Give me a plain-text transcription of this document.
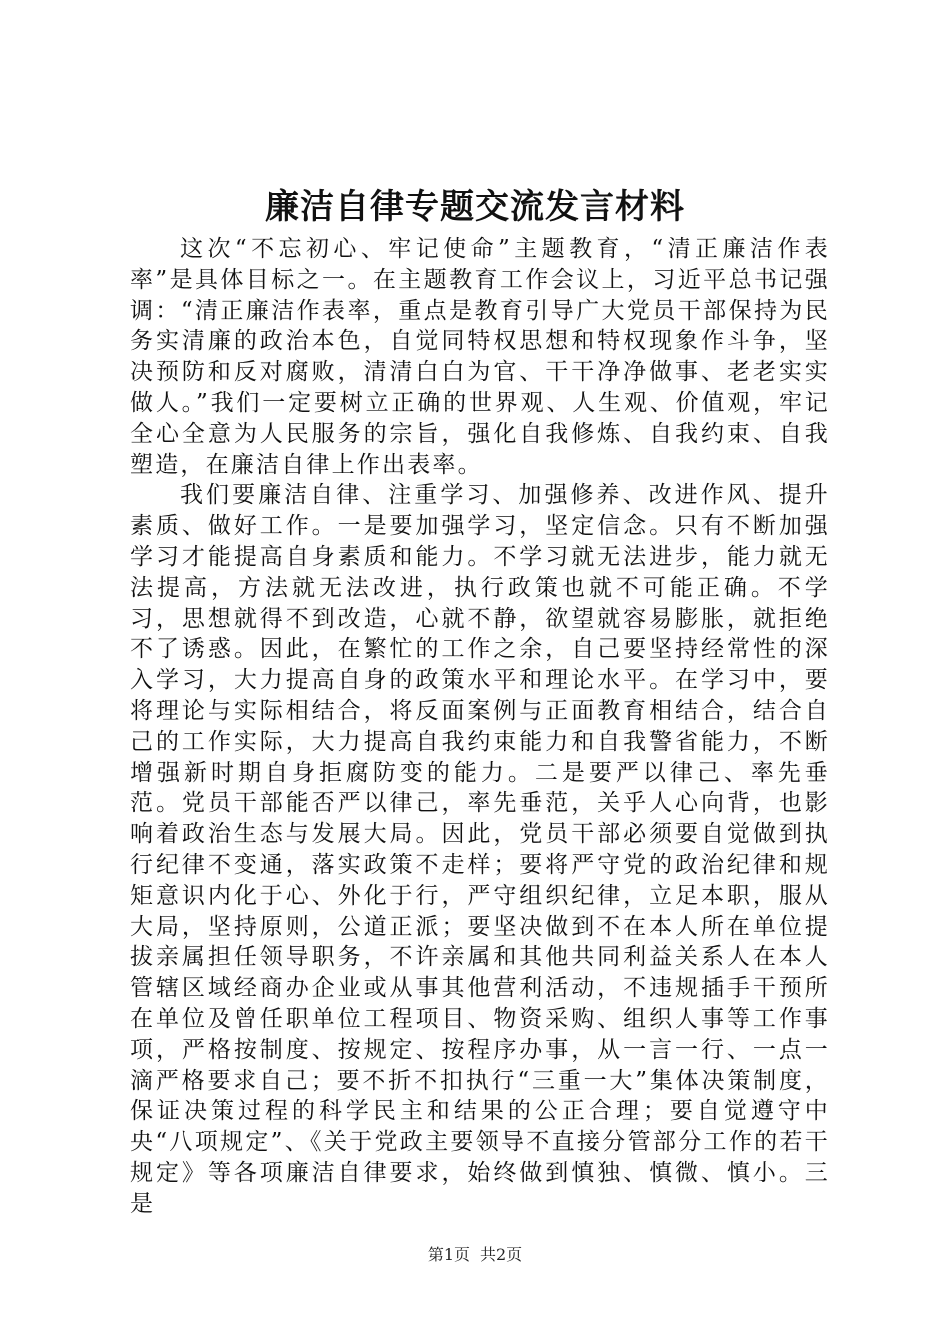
廉洁自律专题交流发言材料

这次“不忘初心、牢记使命”主题教育，“清正廉洁作表率”是具体目标之一。在主题教育工作会议上，习近平总书记强调：“清正廉洁作表率，重点是教育引导广大党员干部保持为民务实清廉的政治本色，自觉同特权思想和特权现象作斗争，坚决预防和反对腐败，清清白白为官、干干净净做事、老老实实做人。”我们一定要树立正确的世界观、人生观、价值观，牢记全心全意为人民服务的宗旨，强化自我修炼、自我约束、自我塑造，在廉洁自律上作出表率。

我们要廉洁自律、注重学习、加强修养、改进作风、提升素质、做好工作。一是要加强学习，坚定信念。只有不断加强学习才能提高自身素质和能力。不学习就无法进步，能力就无法提高，方法就无法改进，执行政策也就不可能正确。不学习，思想就得不到改造，心就不静，欲望就容易膨胀，就拒绝不了诱惑。因此，在繁忙的工作之余，自己要坚持经常性的深入学习，大力提高自身的政策水平和理论水平。在学习中，要将理论与实际相结合，将反面案例与正面教育相结合，结合自己的工作实际，大力提高自我约束能力和自我警省能力，不断增强新时期自身拒腐防变的能力。二是要严以律己、率先垂范。党员干部能否严以律己，率先垂范，关乎人心向背，也影响着政治生态与发展大局。因此，党员干部必须要自觉做到执行纪律不变通，落实政策不走样；要将严守党的政治纪律和规矩意识内化于心、外化于行，严守组织纪律，立足本职，服从大局，坚持原则，公道正派；要坚决做到不在本人所在单位提拔亲属担任领导职务，不许亲属和其他共同利益关系人在本人管辖区域经商办企业或从事其他营利活动，不违规插手干预所在单位及曾任职单位工程项目、物资采购、组织人事等工作事项，严格按制度、按规定、按程序办事，从一言一行、一点一滴严格要求自己；要不折不扣执行“三重一大”集体决策制度，保证决策过程的科学民主和结果的公正合理；要自觉遵守中央“八项规定”、《关于党政主要领导不直接分管部分工作的若干规定》等各项廉洁自律要求，始终做到慎独、慎微、慎小。三是

第1页 共2页
